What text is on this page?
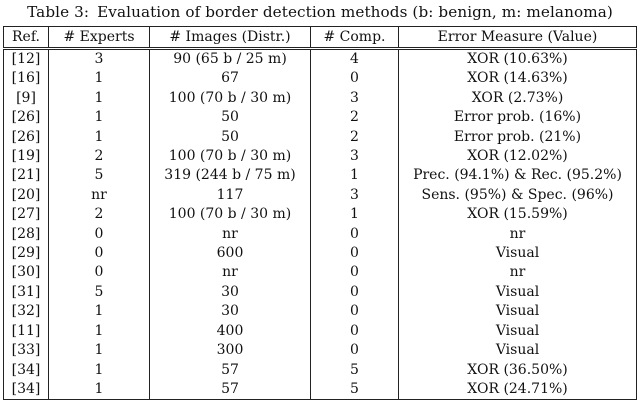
Table 3: Evaluation of border detection methods (b: benign, m: melanoma)
Ref.	# Experts	# Images (Distr.)	# Comp.	Error Measure (Value)
[12]	3	90 (65 b / 25 m)	4	XOR (10.63%)
[16]	1	67	0	XOR (14.63%)
[9]	1	100 (70 b / 30 m)	3	XOR (2.73%)
[26]	1	50	2	Error prob. (16%)
[26]	1	50	2	Error prob. (21%)
[19]	2	100 (70 b / 30 m)	3	XOR (12.02%)
[21]	5	319 (244 b / 75 m)	1	Prec. (94.1%) & Rec. (95.2%)
[20]	nr	117	3	Sens. (95%) & Spec. (96%)
[27]	2	100 (70 b / 30 m)	1	XOR (15.59%)
[28]	0	nr	0	nr
[29]	0	600	0	Visual
[30]	0	nr	0	nr
[31]	5	30	0	Visual
[32]	1	30	0	Visual
[11]	1	400	0	Visual
[33]	1	300	0	Visual
[34]	1	57	5	XOR (36.50%)
[34]	1	57	5	XOR (24.71%)
